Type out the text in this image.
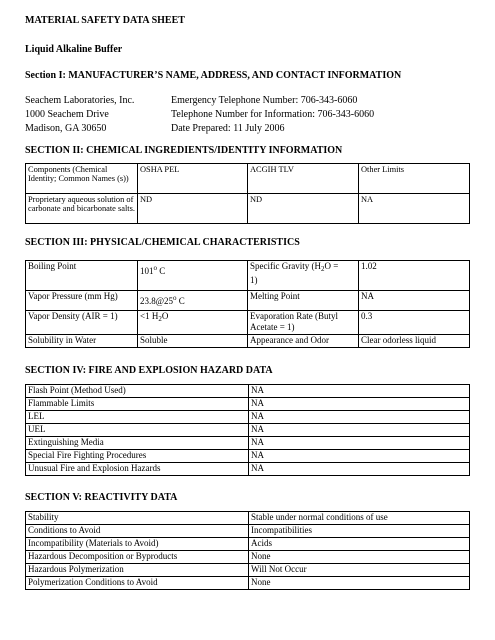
MATERIAL SAFETY DATA SHEET
Liquid Alkaline Buffer
Section I: MANUFACTURER’S NAME, ADDRESS, AND CONTACT INFORMATION
Seachem Laboratories, Inc.
1000 Seachem Drive
Madison, GA 30650
Emergency Telephone Number: 706-343-6060
Telephone Number for Information: 706-343-6060
Date Prepared: 11 July 2006
SECTION II: CHEMICAL INGREDIENTS/IDENTITY INFORMATION
Components (Chemical Identity; Common Names (s))	OSHA PEL	ACGIH TLV	Other Limits
Proprietary aqueous solution of carbonate and bicarbonate salts.	ND	ND	NA
SECTION III: PHYSICAL/CHEMICAL CHARACTERISTICS
Boiling Point	101$^o$ C	Specific Gravity ($H_2O$ =
1)	1.02
Vapor Pressure (mm Hg)	23.8@25$^o$ C	Melting Point	NA
Vapor Density (AIR = 1)	<1 $H_2O$	Evaporation Rate (Butyl
Acetate = 1)	0.3
Solubility in Water	Soluble	Appearance and Odor	Clear odorless liquid
SECTION IV: FIRE AND EXPLOSION HAZARD DATA
Flash Point (Method Used)	NA
Flammable Limits	NA
LEL	NA
UEL	NA
Extinguishing Media	NA
Special Fire Fighting Procedures	NA
Unusual Fire and Explosion Hazards	NA
SECTION V: REACTIVITY DATA
Stability	Stable under normal conditions of use
Conditions to Avoid	Incompatibilities
Incompatibility (Materials to Avoid)	Acids
Hazardous Decomposition or Byproducts	None
Hazardous Polymerization	Will Not Occur
Polymerization Conditions to Avoid	None
